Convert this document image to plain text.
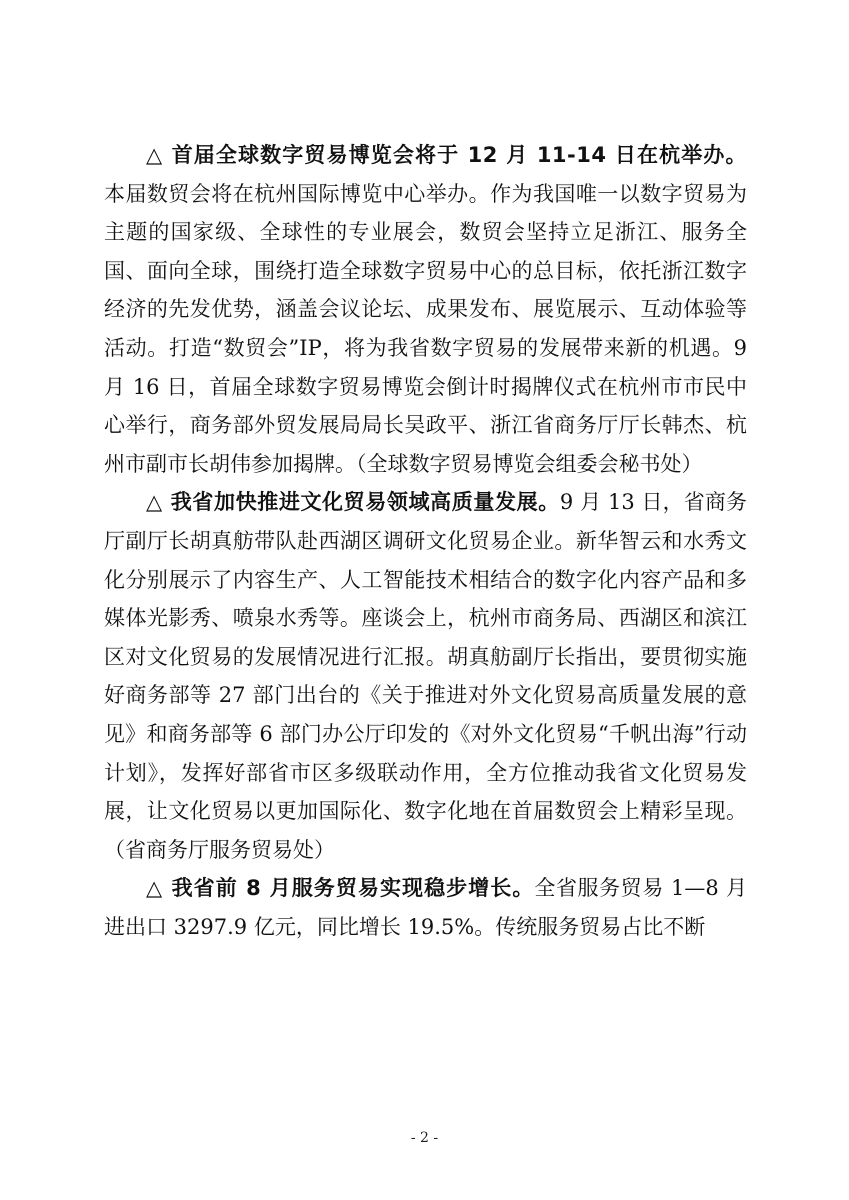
△ 首届全球数字贸易博览会将于 12 月 11-14 日在杭举办。本届数贸会将在杭州国际博览中心举办。作为我国唯一以数字贸易为主题的国家级、全球性的专业展会，数贸会坚持立足浙江、服务全国、面向全球，围绕打造全球数字贸易中心的总目标，依托浙江数字经济的先发优势，涵盖会议论坛、成果发布、展览展示、互动体验等活动。打造“数贸会”IP，将为我省数字贸易的发展带来新的机遇。9 月 16 日，首届全球数字贸易博览会倒计时揭牌仪式在杭州市市民中心举行，商务部外贸发展局局长吴政平、浙江省商务厅厅长韩杰、杭州市副市长胡伟参加揭牌。（全球数字贸易博览会组委会秘书处）

△ 我省加快推进文化贸易领域高质量发展。9 月 13 日，省商务厅副厅长胡真舫带队赴西湖区调研文化贸易企业。新华智云和水秀文化分别展示了内容生产、人工智能技术相结合的数字化内容产品和多媒体光影秀、喷泉水秀等。座谈会上，杭州市商务局、西湖区和滨江区对文化贸易的发展情况进行汇报。胡真舫副厅长指出，要贯彻实施好商务部等 27 部门出台的《关于推进对外文化贸易高质量发展的意见》和商务部等 6 部门办公厅印发的《对外文化贸易“千帆出海”行动计划》，发挥好部省市区多级联动作用，全方位推动我省文化贸易发展，让文化贸易以更加国际化、数字化地在首届数贸会上精彩呈现。（省商务厅服务贸易处）

△ 我省前 8 月服务贸易实现稳步增长。全省服务贸易 1—8 月进出口 3297.9 亿元，同比增长 19.5%。传统服务贸易占比不断

- 2 -
